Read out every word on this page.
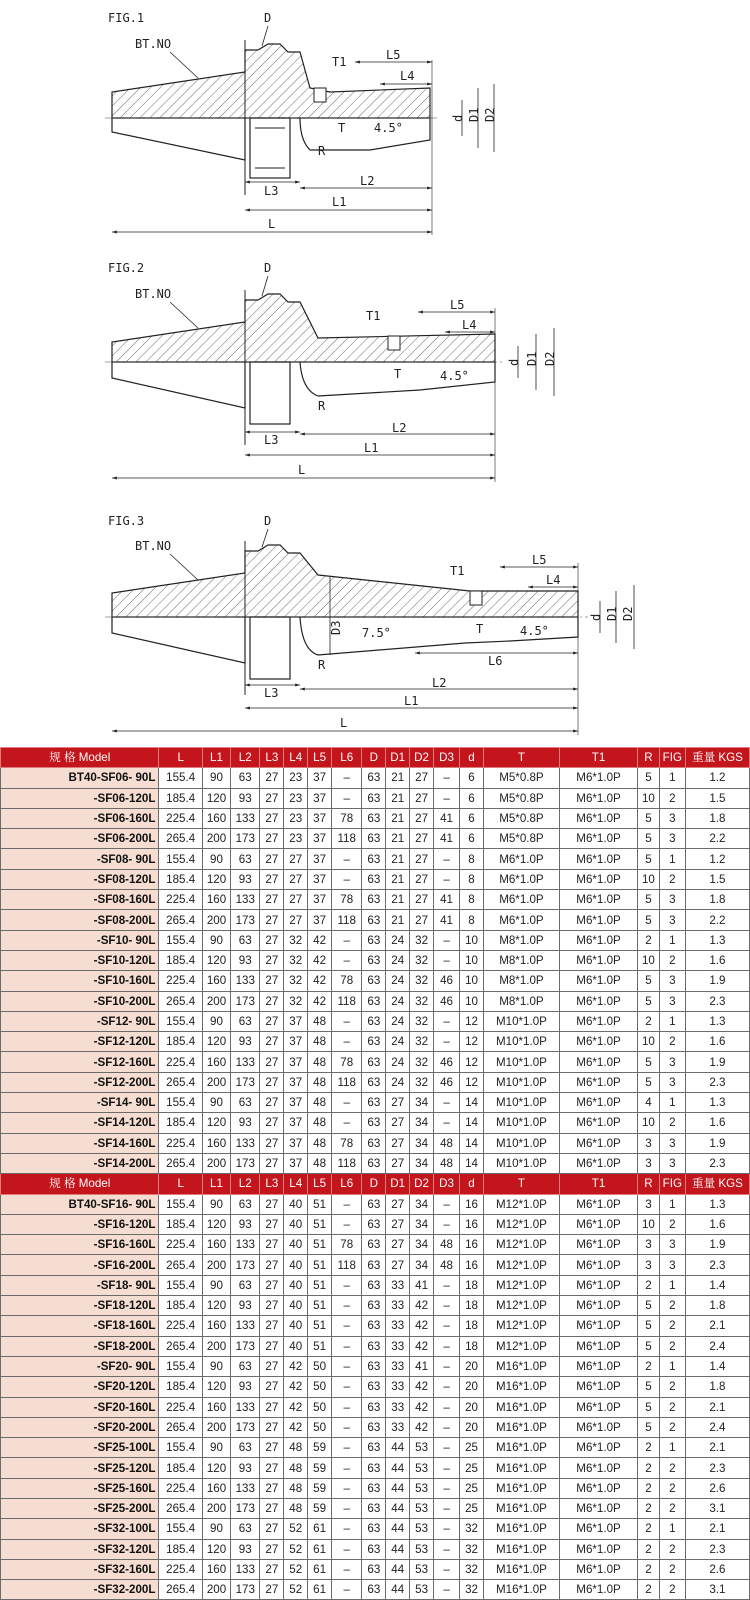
FIG.1
BT.NO
T1
T 4.5°
R
D
L5
L4
d D1 D2
L3
L2
L1
L
FIG.2
BT.NO
T1
T	4.5°
R
D
L5
L4
d D1 D2
L3
L2
L1
L
FIG.3
BT.NO
D3 7.5°
T1
T	4.5°
R
D
L5
L4
L6
d D1 D2
L3
L2
L1
L
规 格 Model	L	L1	L2	L3	L4	L5	L6	D	D1	D2	D3	d	T	T1	R	FIG	重量 KGS
BT40-SF06- 90L	155.4	90	63	27	23	37	–	63	21	27	–	6	M5*0.8P	M6*1.0P	5	1	1.2
-SF06-120L	185.4	120	93	27	23	37	–	63	21	27	–	6	M5*0.8P	M6*1.0P	10	2	1.5
-SF06-160L	225.4	160	133	27	23	37	78	63	21	27	41	6	M5*0.8P	M6*1.0P	5	3	1.8
-SF06-200L	265.4	200	173	27	23	37	118	63	21	27	41	6	M5*0.8P	M6*1.0P	5	3	2.2
-SF08- 90L	155.4	90	63	27	27	37	–	63	21	27	–	8	M6*1.0P	M6*1.0P	5	1	1.2
-SF08-120L	185.4	120	93	27	27	37	–	63	21	27	–	8	M6*1.0P	M6*1.0P	10	2	1.5
-SF08-160L	225.4	160	133	27	27	37	78	63	21	27	41	8	M6*1.0P	M6*1.0P	5	3	1.8
-SF08-200L	265.4	200	173	27	27	37	118	63	21	27	41	8	M6*1.0P	M6*1.0P	5	3	2.2
-SF10- 90L	155.4	90	63	27	32	42	–	63	24	32	–	10	M8*1.0P	M6*1.0P	2	1	1.3
-SF10-120L	185.4	120	93	27	32	42	–	63	24	32	–	10	M8*1.0P	M6*1.0P	10	2	1.6
-SF10-160L	225.4	160	133	27	32	42	78	63	24	32	46	10	M8*1.0P	M6*1.0P	5	3	1.9
-SF10-200L	265.4	200	173	27	32	42	118	63	24	32	46	10	M8*1.0P	M6*1.0P	5	3	2.3
-SF12- 90L	155.4	90	63	27	37	48	–	63	24	32	–	12	M10*1.0P	M6*1.0P	2	1	1.3
-SF12-120L	185.4	120	93	27	37	48	–	63	24	32	–	12	M10*1.0P	M6*1.0P	10	2	1.6
-SF12-160L	225.4	160	133	27	37	48	78	63	24	32	46	12	M10*1.0P	M6*1.0P	5	3	1.9
-SF12-200L	265.4	200	173	27	37	48	118	63	24	32	46	12	M10*1.0P	M6*1.0P	5	3	2.3
-SF14- 90L	155.4	90	63	27	37	48	–	63	27	34	–	14	M10*1.0P	M6*1.0P	4	1	1.3
-SF14-120L	185.4	120	93	27	37	48	–	63	27	34	–	14	M10*1.0P	M6*1.0P	10	2	1.6
-SF14-160L	225.4	160	133	27	37	48	78	63	27	34	48	14	M10*1.0P	M6*1.0P	3	3	1.9
-SF14-200L	265.4	200	173	27	37	48	118	63	27	34	48	14	M10*1.0P	M6*1.0P	3	3	2.3
规 格 Model	L	L1	L2	L3	L4	L5	L6	D	D1	D2	D3	d	T	T1	R	FIG	重量 KGS
BT40-SF16- 90L	155.4	90	63	27	40	51	–	63	27	34	–	16	M12*1.0P	M6*1.0P	3	1	1.3
-SF16-120L	185.4	120	93	27	40	51	–	63	27	34	–	16	M12*1.0P	M6*1.0P	10	2	1.6
-SF16-160L	225.4	160	133	27	40	51	78	63	27	34	48	16	M12*1.0P	M6*1.0P	3	3	1.9
-SF16-200L	265.4	200	173	27	40	51	118	63	27	34	48	16	M12*1.0P	M6*1.0P	3	3	2.3
-SF18- 90L	155.4	90	63	27	40	51	–	63	33	41	–	18	M12*1.0P	M6*1.0P	2	1	1.4
-SF18-120L	185.4	120	93	27	40	51	–	63	33	42	–	18	M12*1.0P	M6*1.0P	5	2	1.8
-SF18-160L	225.4	160	133	27	40	51	–	63	33	42	–	18	M12*1.0P	M6*1.0P	5	2	2.1
-SF18-200L	265.4	200	173	27	40	51	–	63	33	42	–	18	M12*1.0P	M6*1.0P	5	2	2.4
-SF20- 90L	155.4	90	63	27	42	50	–	63	33	41	–	20	M16*1.0P	M6*1.0P	2	1	1.4
-SF20-120L	185.4	120	93	27	42	50	–	63	33	42	–	20	M16*1.0P	M6*1.0P	5	2	1.8
-SF20-160L	225.4	160	133	27	42	50	–	63	33	42	–	20	M16*1.0P	M6*1.0P	5	2	2.1
-SF20-200L	265.4	200	173	27	42	50	–	63	33	42	–	20	M16*1.0P	M6*1.0P	5	2	2.4
-SF25-100L	155.4	90	63	27	48	59	–	63	44	53	–	25	M16*1.0P	M6*1.0P	2	1	2.1
-SF25-120L	185.4	120	93	27	48	59	–	63	44	53	–	25	M16*1.0P	M6*1.0P	2	2	2.3
-SF25-160L	225.4	160	133	27	48	59	–	63	44	53	–	25	M16*1.0P	M6*1.0P	2	2	2.6
-SF25-200L	265.4	200	173	27	48	59	–	63	44	53	–	25	M16*1.0P	M6*1.0P	2	2	3.1
-SF32-100L	155.4	90	63	27	52	61	–	63	44	53	–	32	M16*1.0P	M6*1.0P	2	1	2.1
-SF32-120L	185.4	120	93	27	52	61	–	63	44	53	–	32	M16*1.0P	M6*1.0P	2	2	2.3
-SF32-160L	225.4	160	133	27	52	61	–	63	44	53	–	32	M16*1.0P	M6*1.0P	2	2	2.6
-SF32-200L	265.4	200	173	27	52	61	–	63	44	53	–	32	M16*1.0P	M6*1.0P	2	2	3.1
